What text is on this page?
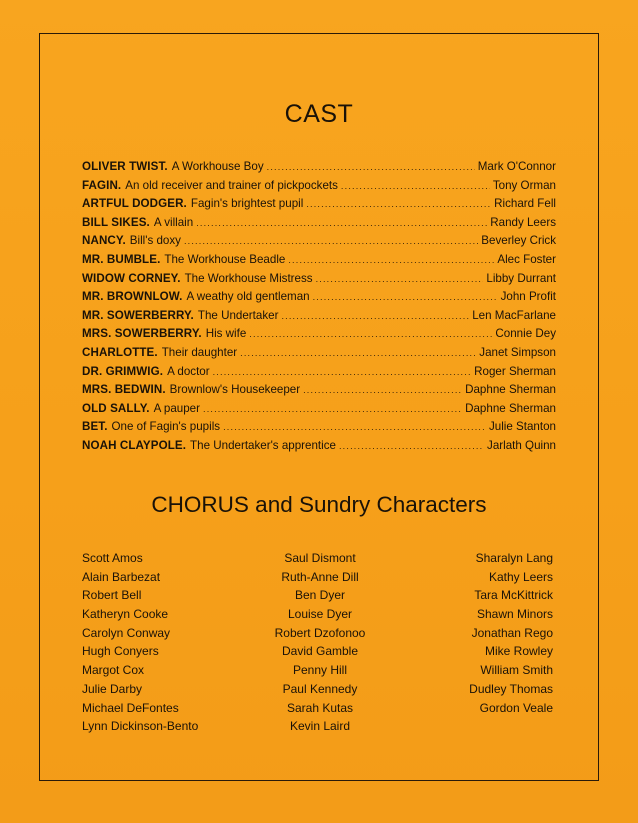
CAST
OLIVER TWIST. A Workhouse Boy .....	Mark O'Connor
FAGIN. An old receiver and trainer of pickpockets .....	Tony Orman
ARTFUL DODGER. Fagin's brightest pupil .....	Richard Fell
BILL SIKES. A villain .....	Randy Leers
NANCY. Bill's doxy .....	Beverley Crick
MR. BUMBLE. The Workhouse Beadle .....	Alec Foster
WIDOW CORNEY. The Workhouse Mistress .....	Libby Durrant
MR. BROWNLOW. A weathy old gentleman .....	John Profit
MR. SOWERBERRY. The Undertaker .....	Len MacFarlane
MRS. SOWERBERRY. His wife .....	Connie Dey
CHARLOTTE. Their daughter .....	Janet Simpson
DR. GRIMWIG. A doctor .....	Roger Sherman
MRS. BEDWIN. Brownlow's Housekeeper .....	Daphne Sherman
OLD SALLY. A pauper .....	Daphne Sherman
BET. One of Fagin's pupils .....	Julie Stanton
NOAH CLAYPOLE. The Undertaker's apprentice .....	Jarlath Quinn
CHORUS and Sundry Characters
Scott Amos
Alain Barbezat
Robert Bell
Katheryn Cooke
Carolyn Conway
Hugh Conyers
Margot Cox
Julie Darby
Michael DeFontes
Lynn Dickinson-Bento
Saul Dismont
Ruth-Anne Dill
Ben Dyer
Louise Dyer
Robert Dzofonoo
David Gamble
Penny Hill
Paul Kennedy
Sarah Kutas
Kevin Laird
Sharalyn Lang
Kathy Leers
Tara McKittrick
Shawn Minors
Jonathan Rego
Mike Rowley
William Smith
Dudley Thomas
Gordon Veale
